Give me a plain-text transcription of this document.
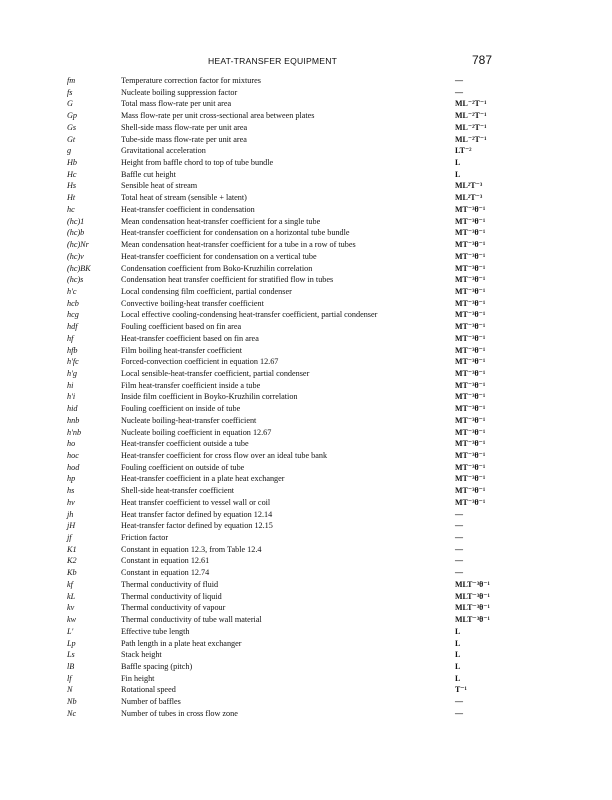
HEAT-TRANSFER EQUIPMENT	787
fm	Temperature correction factor for mixtures	—
fs	Nucleate boiling suppression factor	—
G	Total mass flow-rate per unit area	ML⁻²T⁻¹
Gp	Mass flow-rate per unit cross-sectional area between plates	ML⁻²T⁻¹
Gs	Shell-side mass flow-rate per unit area	ML⁻²T⁻¹
Gt	Tube-side mass flow-rate per unit area	ML⁻²T⁻¹
g	Gravitational acceleration	LT⁻²
Hb	Height from baffle chord to top of tube bundle	L
Hc	Baffle cut height	L
Hs	Sensible heat of stream	ML²T⁻³
Ht	Total heat of stream (sensible + latent)	ML²T⁻³
hc	Heat-transfer coefficient in condensation	MT⁻³θ⁻¹
(hc)1	Mean condensation heat-transfer coefficient for a single tube	MT⁻³θ⁻¹
(hc)b	Heat-transfer coefficient for condensation on a horizontal tube bundle	MT⁻³θ⁻¹
(hc)Nr	Mean condensation heat-transfer coefficient for a tube in a row of tubes	MT⁻³θ⁻¹
(hc)v	Heat-transfer coefficient for condensation on a vertical tube	MT⁻³θ⁻¹
(hc)BK	Condensation coefficient from Boko-Kruzhilin correlation	MT⁻³θ⁻¹
(hc)s	Condensation heat transfer coefficient for stratified flow in tubes	MT⁻³θ⁻¹
h'c	Local condensing film coefficient, partial condenser	MT⁻³θ⁻¹
hcb	Convective boiling-heat transfer coefficient	MT⁻³θ⁻¹
hcg	Local effective cooling-condensing heat-transfer coefficient, partial condenser	MT⁻³θ⁻¹
hdf	Fouling coefficient based on fin area	MT⁻³θ⁻¹
hf	Heat-transfer coefficient based on fin area	MT⁻³θ⁻¹
hfb	Film boiling heat-transfer coefficient	MT⁻³θ⁻¹
h'fc	Forced-convection coefficient in equation 12.67	MT⁻³θ⁻¹
h'g	Local sensible-heat-transfer coefficient, partial condenser	MT⁻³θ⁻¹
hi	Film heat-transfer coefficient inside a tube	MT⁻³θ⁻¹
h'i	Inside film coefficient in Boyko-Kruzhilin correlation	MT⁻³θ⁻¹
hid	Fouling coefficient on inside of tube	MT⁻³θ⁻¹
hnb	Nucleate boiling-heat-transfer coefficient	MT⁻³θ⁻¹
h'nb	Nucleate boiling coefficient in equation 12.67	MT⁻³θ⁻¹
ho	Heat-transfer coefficient outside a tube	MT⁻³θ⁻¹
hoc	Heat-transfer coefficient for cross flow over an ideal tube bank	MT⁻³θ⁻¹
hod	Fouling coefficient on outside of tube	MT⁻³θ⁻¹
hp	Heat-transfer coefficient in a plate heat exchanger	MT⁻³θ⁻¹
hs	Shell-side heat-transfer coefficient	MT⁻³θ⁻¹
hv	Heat transfer coefficient to vessel wall or coil	MT⁻³θ⁻¹
jh	Heat transfer factor defined by equation 12.14	—
jH	Heat-transfer factor defined by equation 12.15	—
jf	Friction factor	—
K1	Constant in equation 12.3, from Table 12.4	—
K2	Constant in equation 12.61	—
Kb	Constant in equation 12.74	—
kf	Thermal conductivity of fluid	MLT⁻³θ⁻¹
kL	Thermal conductivity of liquid	MLT⁻³θ⁻¹
kv	Thermal conductivity of vapour	MLT⁻³θ⁻¹
kw	Thermal conductivity of tube wall material	MLT⁻³θ⁻¹
L'	Effective tube length	L
Lp	Path length in a plate heat exchanger	L
Ls	Stack height	L
lB	Baffle spacing (pitch)	L
lf	Fin height	L
N	Rotational speed	T⁻¹
Nb	Number of baffles	—
Nc	Number of tubes in cross flow zone	—
